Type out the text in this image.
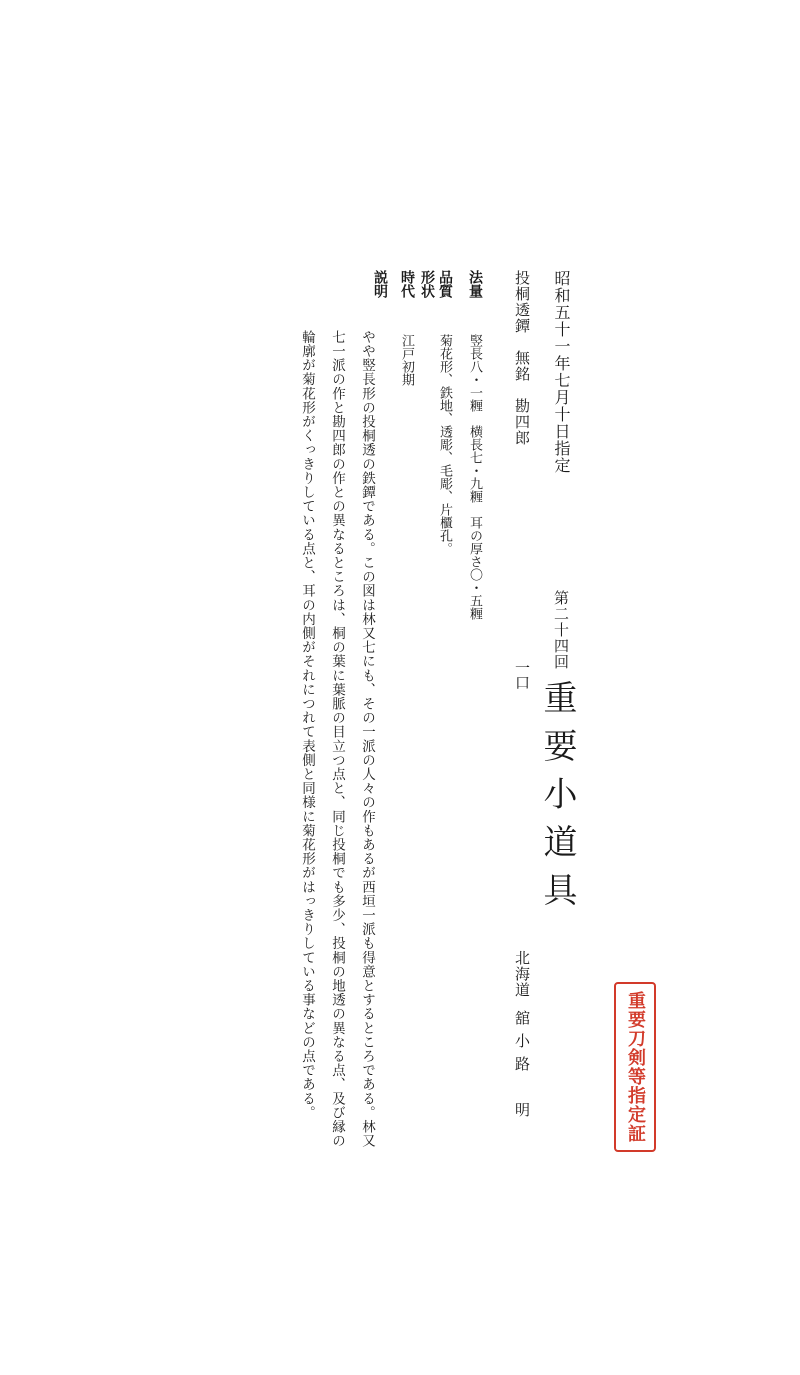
昭和五十一年七月十日指定
第二十四回
重要小道具
投桐透鐔　無銘　勘四郎
一口
北海道
舘小路　明
法量
竪長八・一糎　横長七・九糎　耳の厚さ〇・五糎
品質
菊花形、鉄地、透彫、毛彫、片櫃孔。
形状
時代
江戸初期
説明
やや竪長形の投桐透の鉄鐔である。この図は林又七にも、その一派の人々の作もあるが西垣一派も得意とするところである。林又七一派の作と勘四郎の作との異なるところは、桐の葉に葉脈の目立つ点と、同じ投桐でも多少、投桐の地透の異なる点、及び縁の輪廓が菊花形がくっきりしている点と、耳の内側がそれにつれて表側と同様に菊花形がはっきりしている事などの点である。	重要刀剣等指定証
